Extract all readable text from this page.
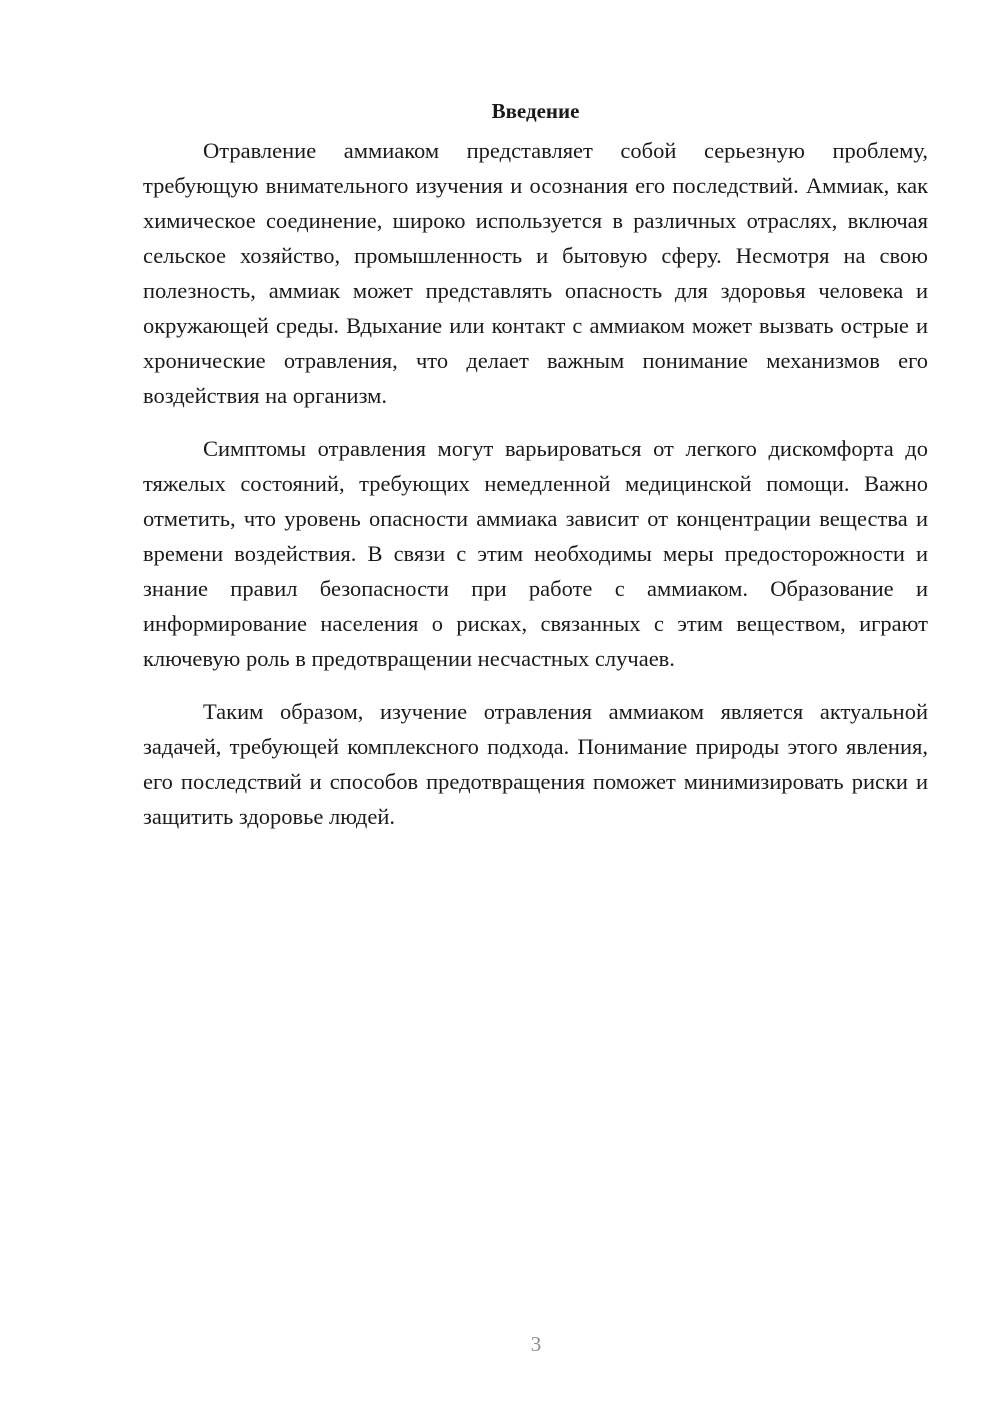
Введение

Отравление аммиаком представляет собой серьезную проблему, требующую внимательного изучения и осознания его последствий. Аммиак, как химическое соединение, широко используется в различных отраслях, включая сельское хозяйство, промышленность и бытовую сферу. Несмотря на свою полезность, аммиак может представлять опасность для здоровья человека и окружающей среды. Вдыхание или контакт с аммиаком может вызвать острые и хронические отравления, что делает важным понимание механизмов его воздействия на организм.

Симптомы отравления могут варьироваться от легкого дискомфорта до тяжелых состояний, требующих немедленной медицинской помощи. Важно отметить, что уровень опасности аммиака зависит от концентрации вещества и времени воздействия. В связи с этим необходимы меры предосторожности и знание правил безопасности при работе с аммиаком. Образование и информирование населения о рисках, связанных с этим веществом, играют ключевую роль в предотвращении несчастных случаев.

Таким образом, изучение отравления аммиаком является актуальной задачей, требующей комплексного подхода. Понимание природы этого явления, его последствий и способов предотвращения поможет минимизировать риски и защитить здоровье людей.

3
